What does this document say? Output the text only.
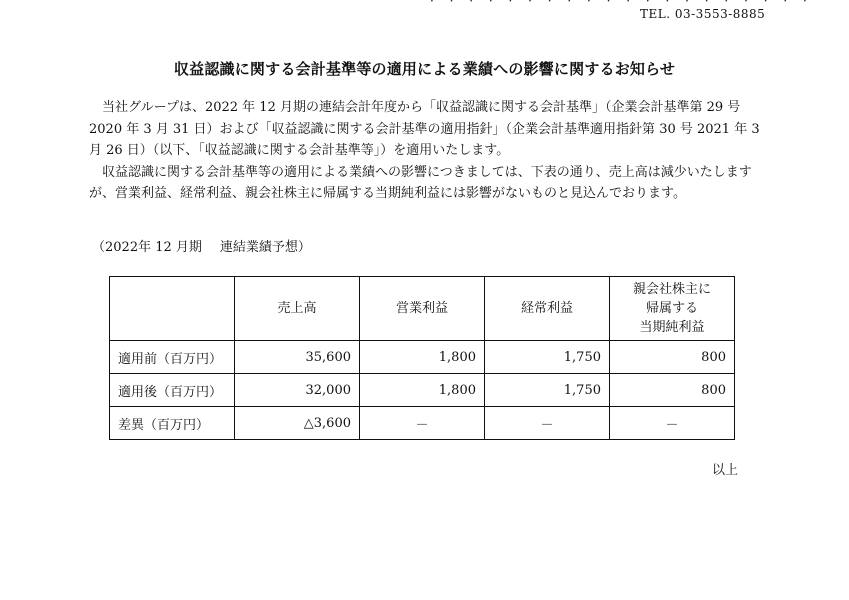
· · · · · · · · · · · · · · · · · · · ·
TEL. 03-3553-8885
収益認識に関する会計基準等の適用による業績への影響に関するお知らせ

当社グループは、2022 年 12 月期の連結会計年度から「収益認識に関する会計基準」（企業会計基準第 29 号 2020 年 3 月 31 日）および「収益認識に関する会計基準の適用指針」（企業会計基準適用指針第 30 号 2021 年 3 月 26 日）（以下、「収益認識に関する会計基準等」）を適用いたします。

収益認識に関する会計基準等の適用による業績への影響につきましては、下表の通り、売上高は減少いたしますが、営業利益、経常利益、親会社株主に帰属する当期純利益には影響がないものと見込んでおります。

（2022年 12 月期 連結業績予想）
	売上高	営業利益	経常利益	親会社株主に
帰属する
当期純利益
適用前（百万円）	35,600	1,800	1,750	800
適用後（百万円）	32,000	1,800	1,750	800
差異（百万円）	△3,600	－	－	－
以上
